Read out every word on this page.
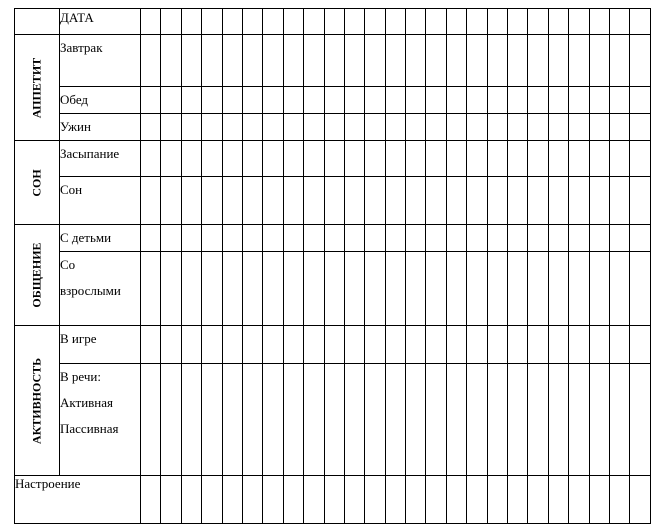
	ДАТА																									

АППЕТИТ	Завтрак																									
	Обед																									
	Ужин																									

СОН	Засыпание																									
	Сон																									

ОБЩЕНИЕ	С детьми																									

	Со
взрослыми																									

АКТИВНОСТЬ	В игре																									

	В речи:
Активная
Пассивная																									

Настроение																										
